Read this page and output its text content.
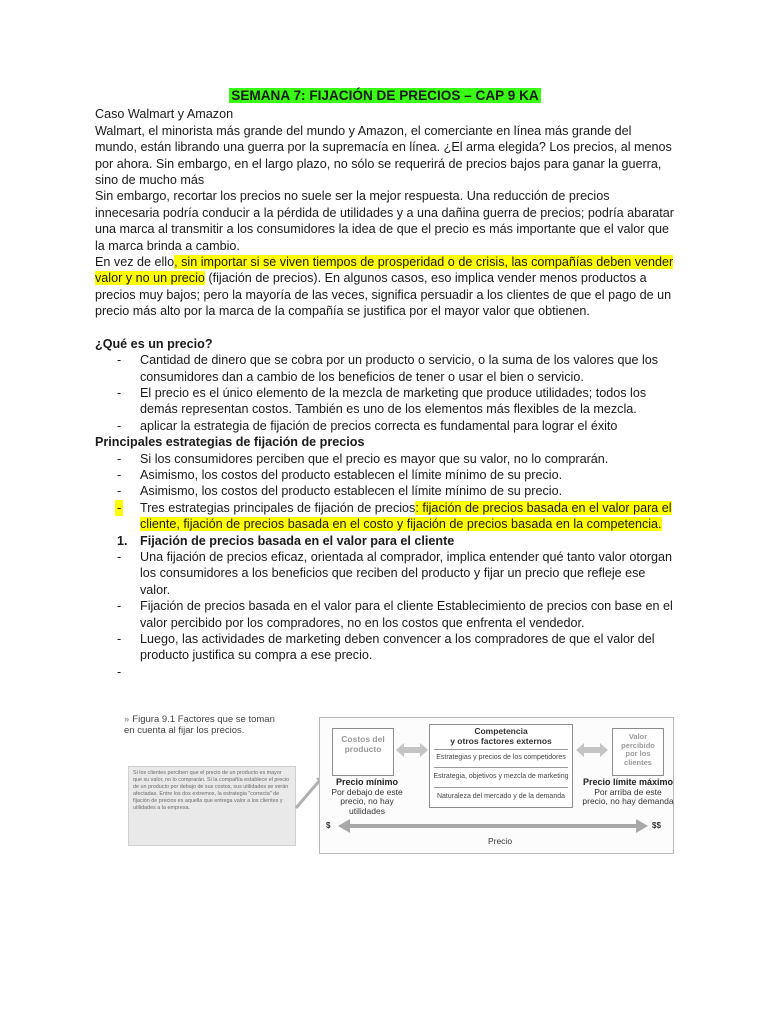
SEMANA 7: FIJACIÓN DE PRECIOS – CAP 9 KA

Caso Walmart y Amazon

Walmart, el minorista más grande del mundo y Amazon, el comerciante en línea más grande del mundo, están librando una guerra por la supremacía en línea. ¿El arma elegida? Los precios, al menos por ahora. Sin embargo, en el largo plazo, no sólo se requerirá de precios bajos para ganar la guerra, sino de mucho más

Sin embargo, recortar los precios no suele ser la mejor respuesta. Una reducción de precios innecesaria podría conducir a la pérdida de utilidades y a una dañina guerra de precios; podría abaratar una marca al transmitir a los consumidores la idea de que el precio es más importante que el valor que la marca brinda a cambio.

En vez de ello, sin importar si se viven tiempos de prosperidad o de crisis, las compañías deben vender valor y no un precio (fijación de precios). En algunos casos, eso implica vender menos productos a precios muy bajos; pero la mayoría de las veces, significa persuadir a los clientes de que el pago de un precio más alto por la marca de la compañía se justifica por el mayor valor que obtienen.

¿Qué es un precio?

- Cantidad de dinero que se cobra por un producto o servicio, o la suma de los valores que los consumidores dan a cambio de los beneficios de tener o usar el bien o servicio.
- El precio es el único elemento de la mezcla de marketing que produce utilidades; todos los demás representan costos. También es uno de los elementos más flexibles de la mezcla.
- aplicar la estrategia de fijación de precios correcta es fundamental para lograr el éxito

Principales estrategias de fijación de precios

- Si los consumidores perciben que el precio es mayor que su valor, no lo comprarán.
- Asimismo, los costos del producto establecen el límite mínimo de su precio.
- Asimismo, los costos del producto establecen el límite mínimo de su precio.
- Tres estrategias principales de fijación de precios: fijación de precios basada en el valor para el cliente, fijación de precios basada en el costo y fijación de precios basada en la competencia.
1. Fijación de precios basada en el valor para el cliente
- Una fijación de precios eficaz, orientada al comprador, implica entender qué tanto valor otorgan los consumidores a los beneficios que reciben del producto y fijar un precio que refleje ese valor.
- Fijación de precios basada en el valor para el cliente Establecimiento de precios con base en el valor percibido por los compradores, no en los costos que enfrenta el vendedor.
- Luego, las actividades de marketing deben convencer a los compradores de que el valor del producto justifica su compra a ese precio.
» Figura 9.1 Factores que se toman
en cuenta al fijar los precios.
Si los clientes perciben que el precio de un producto es mayor que su valor, no lo comprarán. Si la compañía establece el precio de un producto por debajo de sus costos, sus utilidades se verán afectadas. Entre los dos extremos, la estrategia "correcta" de fijación de precios es aquella que entrega valor a los clientes y utilidades a la empresa.
Costos del producto
Competencia
y otros factores externos
Estrategias y precios de los competidores
Estrategia, objetivos y mezcla de marketing
Naturaleza del mercado y de la demanda
Valor percibido por los clientes
Precio mínimo
Por debajo de este precio, no hay utilidades
Precio límite máximo
Por arriba de este precio, no hay demanda
$	$$
Precio
